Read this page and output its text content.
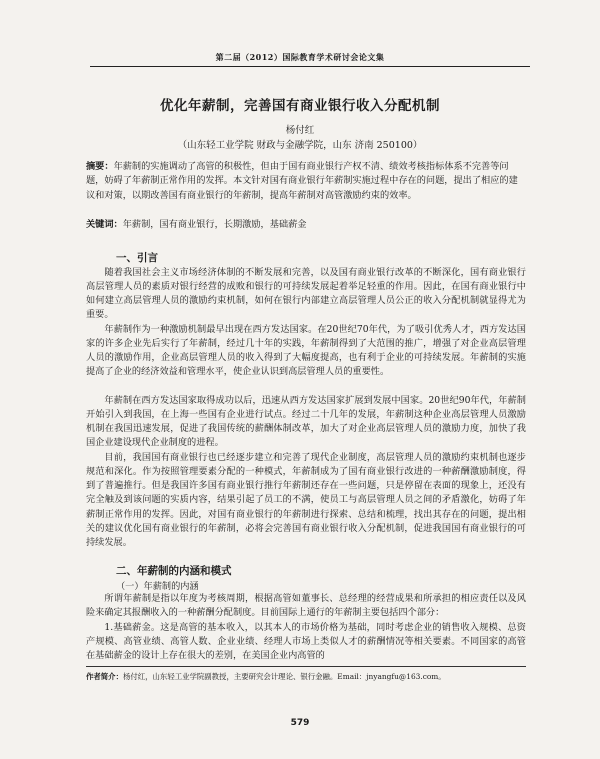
第二届（2012）国际教育学术研讨会论文集
优化年薪制，完善国有商业银行收入分配机制
杨付红
（山东轻工业学院 财政与金融学院，山东 济南 250100）

摘要：年薪制的实施调动了高管的积极性，但由于国有商业银行产权不清、绩效考核指标体系不完善等问题，妨碍了年薪制正常作用的发挥。本文针对国有商业银行年薪制实施过程中存在的问题，提出了相应的建议和对策，以期改善国有商业银行的年薪制，提高年薪制对高管激励约束的效率。

关键词：年薪制，国有商业银行，长期激励，基础薪金

一、引言

随着我国社会主义市场经济体制的不断发展和完善，以及国有商业银行改革的不断深化，国有商业银行高层管理人员的素质对银行经营的成败和银行的可持续发展起着举足轻重的作用。因此，在国有商业银行中如何建立高层管理人员的激励约束机制，如何在银行内部建立高层管理人员公正的收入分配机制就显得尤为重要。

年薪制作为一种激励机制最早出现在西方发达国家。在20世纪70年代，为了吸引优秀人才，西方发达国家的许多企业先后实行了年薪制，经过几十年的实践，年薪制得到了大范围的推广，增强了对企业高层管理人员的激励作用，企业高层管理人员的收入得到了大幅度提高，也有利于企业的可持续发展。年薪制的实施提高了企业的经济效益和管理水平，使企业认识到高层管理人员的重要性。

年薪制在西方发达国家取得成功以后，迅速从西方发达国家扩展到发展中国家。20世纪90年代，年薪制开始引入到我国，在上海一些国有企业进行试点。经过二十几年的发展，年薪制这种企业高层管理人员激励机制在我国迅速发展，促进了我国传统的薪酬体制改革，加大了对企业高层管理人员的激励力度，加快了我国企业建设现代企业制度的进程。

目前，我国国有商业银行也已经逐步建立和完善了现代企业制度，高层管理人员的激励约束机制也逐步规范和深化。作为按照管理要素分配的一种模式，年薪制成为了国有商业银行改进的一种薪酬激励制度，得到了普遍推行。但是我国许多国有商业银行推行年薪制还存在一些问题，只是停留在表面的现象上，还没有完全触及到该问题的实质内容，结果引起了员工的不满，使员工与高层管理人员之间的矛盾激化，妨碍了年薪制正常作用的发挥。因此，对国有商业银行的年薪制进行探索、总结和梳理，找出其存在的问题，提出相关的建议优化国有商业银行的年薪制，必将会完善国有商业银行收入分配机制，促进我国国有商业银行的可持续发展。

二、年薪制的内涵和模式
（一）年薪制的内涵

所谓年薪制是指以年度为考核周期，根据高管如董事长、总经理的经营成果和所承担的相应责任以及风险来确定其报酬收入的一种薪酬分配制度。目前国际上通行的年薪制主要包括四个部分：

1.基础薪金。这是高管的基本收入，以其本人的市场价格为基础，同时考虑企业的销售收入规模、总资产规模、高管业绩、高管人数、企业业绩、经理人市场上类似人才的薪酬情况等相关要素。不同国家的高管在基础薪金的设计上存在很大的差别，在美国企业内高管的

作者简介：杨付红，山东轻工业学院副教授，主要研究会计理论、银行金融。Email：jnyangfu@163.com。

579
